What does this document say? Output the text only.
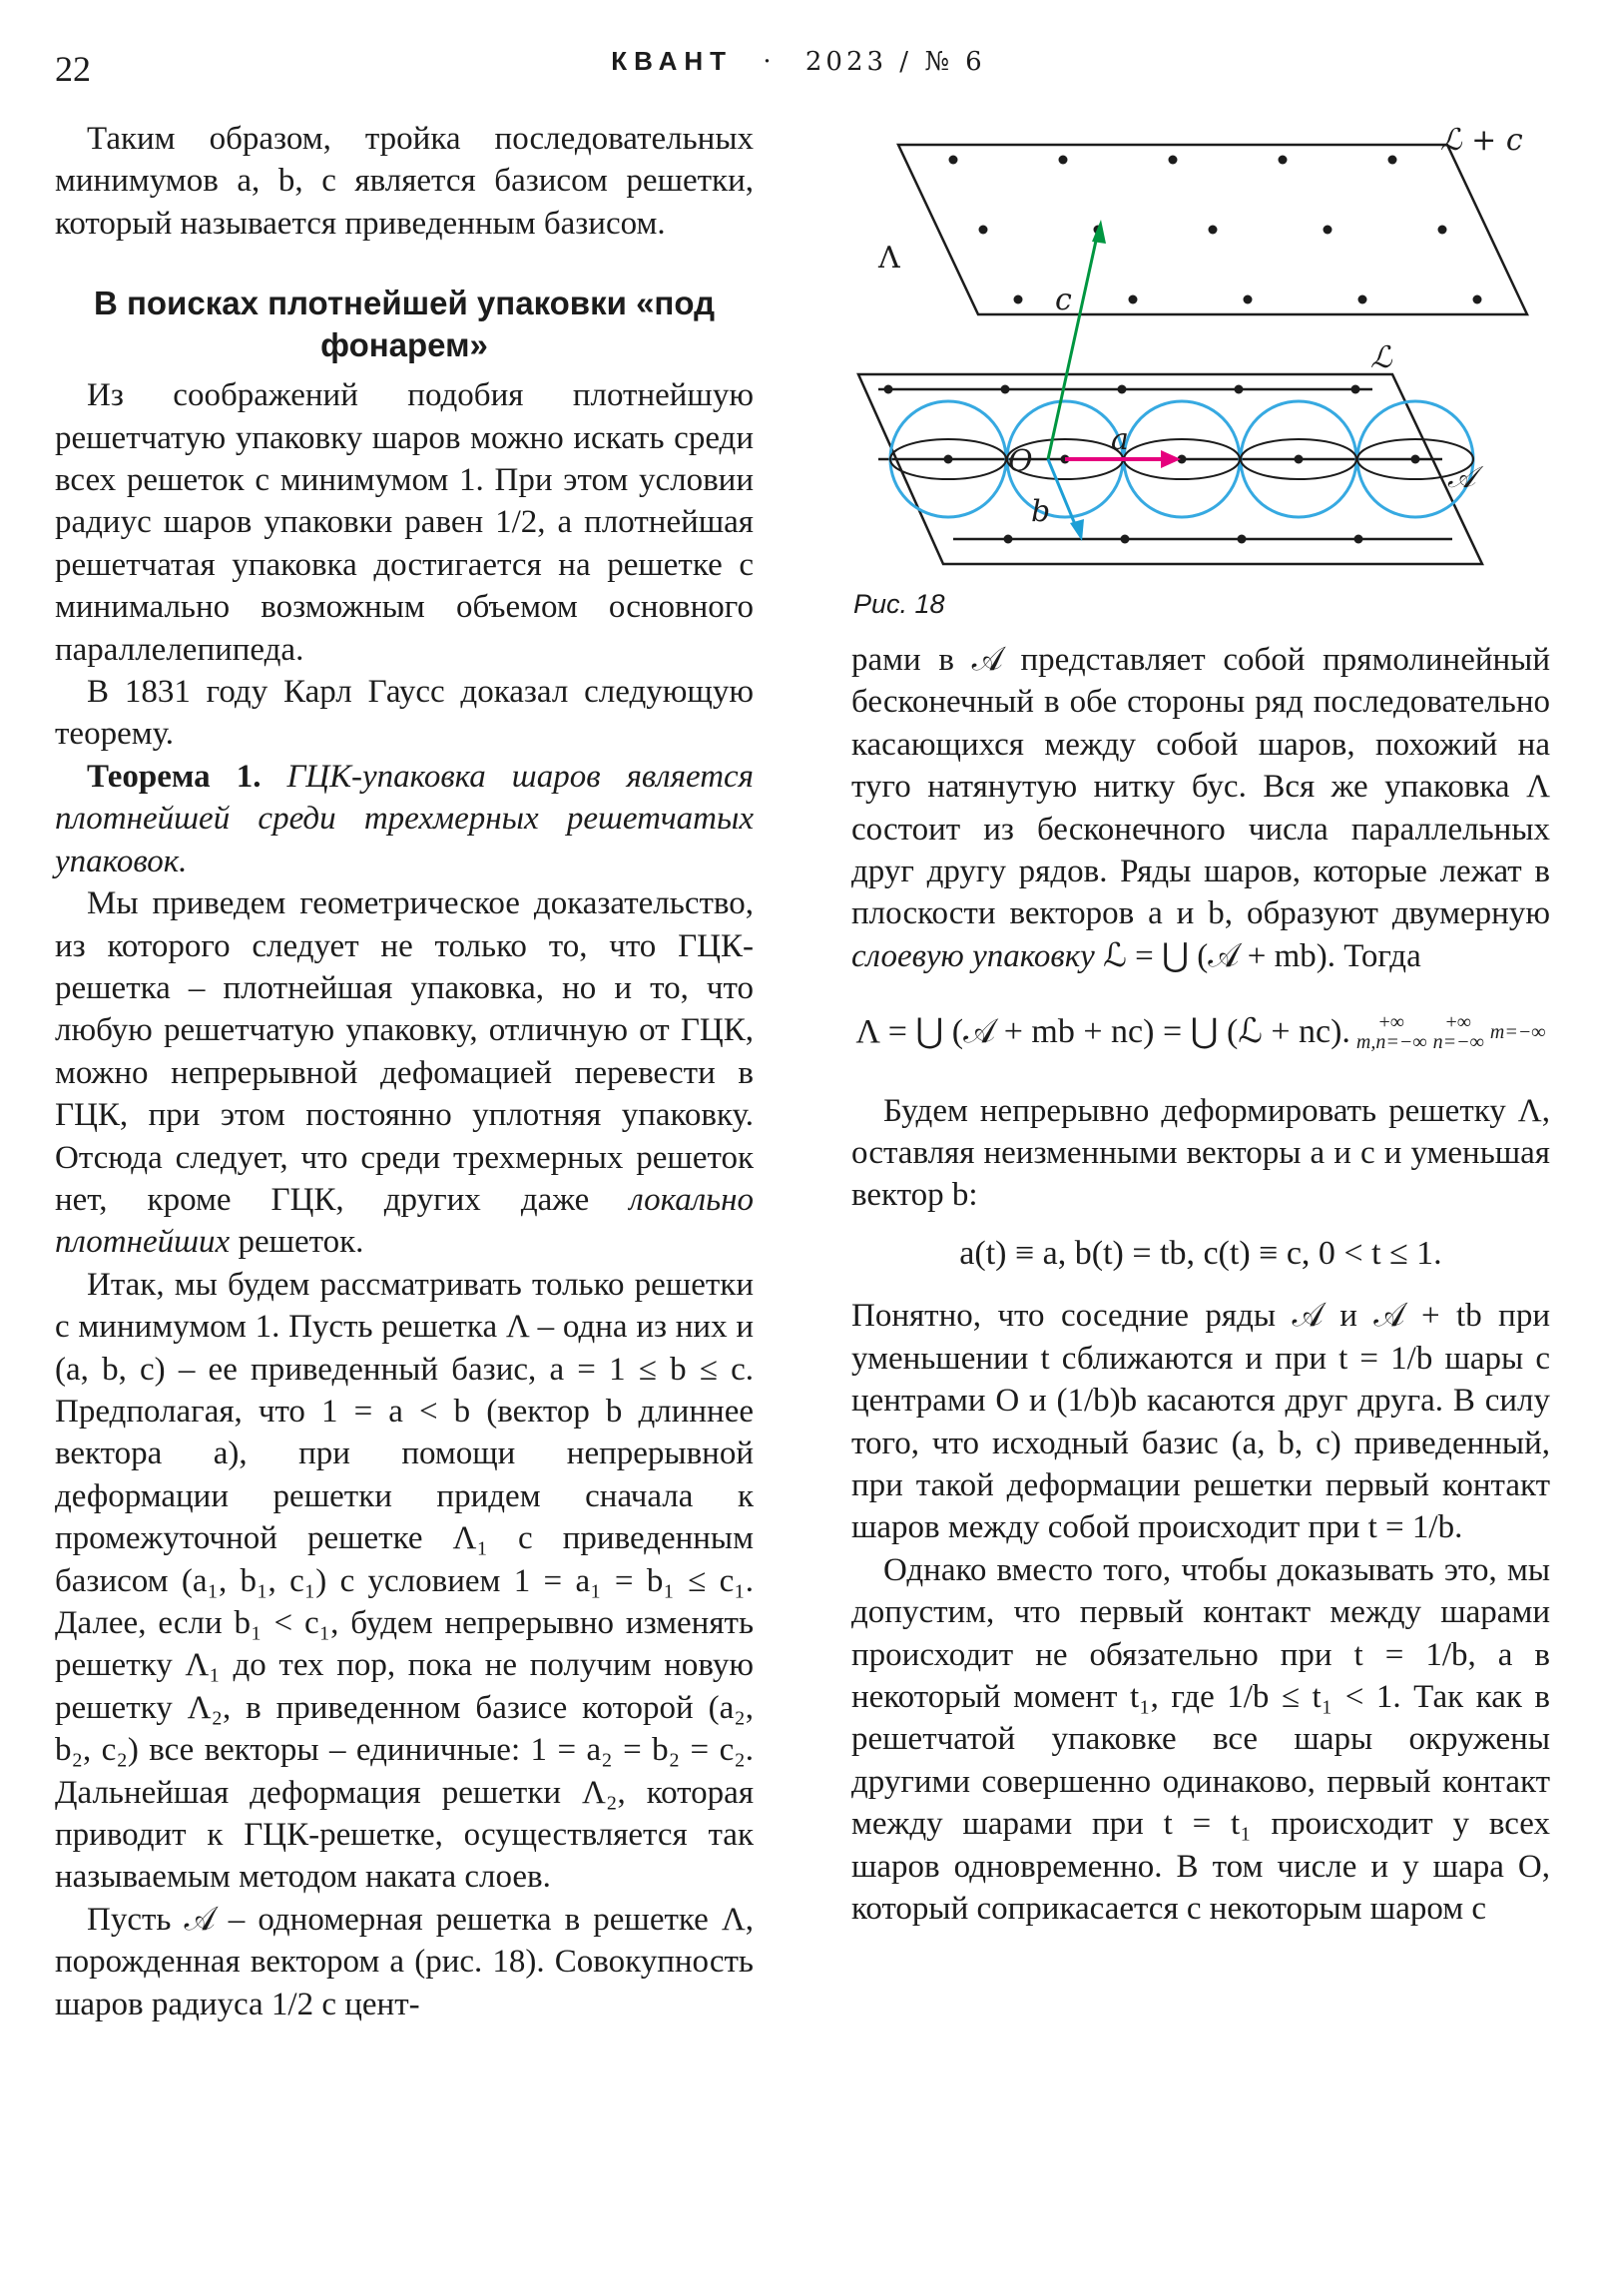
22	КВАНТ · 2023 / № 6

Таким образом, тройка последовательных минимумов a, b, c является базисом решетки, который называется приведенным базисом.

В поисках плотнейшей упаковки «под фонарем»

Из соображений подобия плотнейшую решетчатую упаковку шаров можно искать среди всех решеток с минимумом 1. При этом условии радиус шаров упаковки равен 1/2, а плотнейшая решетчатая упаковка достигается на решетке с минимально возможным объемом основного параллелепипеда.

В 1831 году Карл Гаусс доказал следующую теорему.

Теорема 1. ГЦК-упаковка шаров является плотнейшей среди трехмерных решетчатых упаковок.

Мы приведем геометрическое доказательство, из которого следует не только то, что ГЦК-решетка – плотнейшая упаковка, но и то, что любую решетчатую упаковку, отличную от ГЦК, можно непрерывной дефомацией перевести в ГЦК, при этом постоянно уплотняя упаковку. Отсюда следует, что среди трехмерных решеток нет, кроме ГЦК, других даже локально плотнейших решеток.

Итак, мы будем рассматривать только решетки с минимумом 1. Пусть решетка Λ – одна из них и (a, b, c) – ее приведенный базис, a = 1 ≤ b ≤ c. Предполагая, что 1 = a < b (вектор b длиннее вектора a), при помощи непрерывной деформации решетки придем сначала к промежуточной решетке Λ₁ с приведенным базисом (a₁, b₁, c₁) с условием 1 = a₁ = b₁ ≤ c₁. Далее, если b₁ < c₁, будем непрерывно изменять решетку Λ₁ до тех пор, пока не получим новую решетку Λ₂, в приведенном базисе которой (a₂, b₂, c₂) все векторы – единичные: 1 = a₂ = b₂ = c₂. Дальнейшая деформация решетки Λ₂, которая приводит к ГЦК-решетке, осуществляется так называемым методом наката слоев.

Пусть 𝒜 – одномерная решетка в решетке Λ, порожденная вектором a (рис. 18). Совокупность шаров радиуса 1/2 с цент-

ℒ + c
Λ
ℒ
𝒜
c
a
b
O
Рис. 18

рами в 𝒜 представляет собой прямолинейный бесконечный в обе стороны ряд последовательно касающихся между собой шаров, похожий на туго натянутую нитку бус. Вся же упаковка Λ состоит из бесконечного числа параллельных друг другу рядов. Ряды шаров, которые лежат в плоскости векторов a и b, образуют двумерную слоевую упаковку ℒ = ⋃ (𝒜 + mb). Тогда

Λ = ⋃ (𝒜 + mb + nc) = ⋃ (ℒ + nc). +∞
m,n=−∞
+∞
n=−∞ m=−∞

Будем непрерывно деформировать решетку Λ, оставляя неизменными векторы a и c и уменьшая вектор b:

a(t) ≡ a, b(t) = tb, c(t) ≡ c, 0 < t ≤ 1.

Понятно, что соседние ряды 𝒜 и 𝒜 + tb при уменьшении t сближаются и при t = 1/b шары с центрами O и (1/b)b касаются друг друга. В силу того, что исходный базис (a, b, c) приведенный, при такой деформации решетки первый контакт шаров между собой происходит при t = 1/b.

Однако вместо того, чтобы доказывать это, мы допустим, что первый контакт между шарами происходит не обязательно при t = 1/b, а в некоторый момент t₁, где 1/b ≤ t₁ < 1. Так как в решетчатой упаковке все шары окружены другими совершенно одинаково, первый контакт между шарами при t = t₁ происходит у всех шаров одновременно. В том числе и у шара O, который соприкасается с некоторым шаром с
